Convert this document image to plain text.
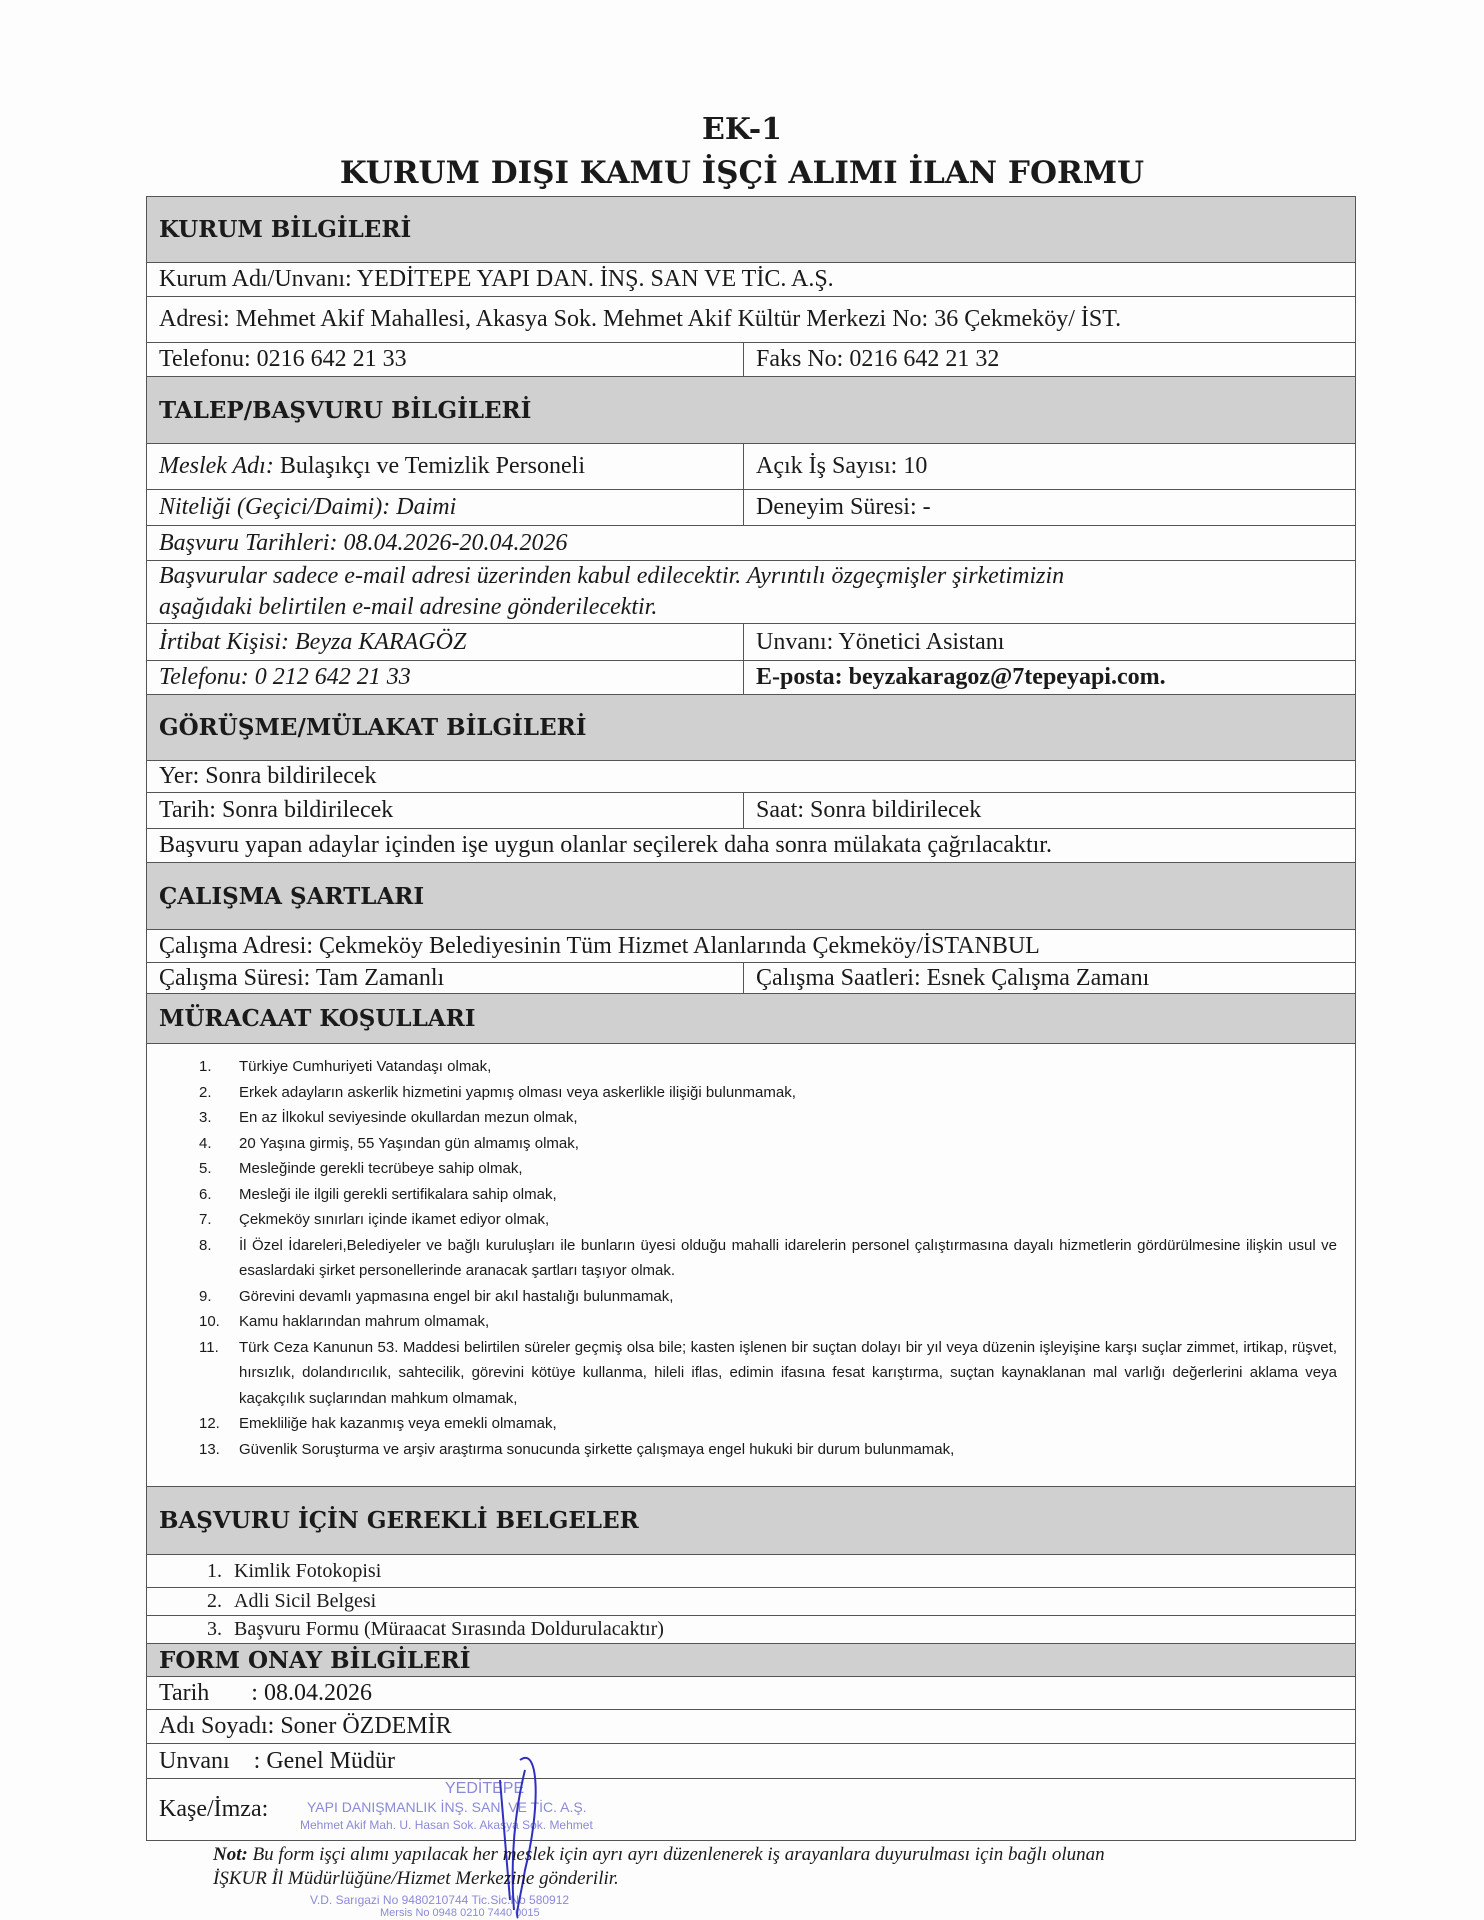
EK-1
KURUM DIŞI KAMU İŞÇİ ALIMI İLAN FORMU
KURUM BİLGİLERİ
Kurum Adı/Unvanı: YEDİTEPE YAPI DAN. İNŞ. SAN VE TİC. A.Ş.
Adresi: Mehmet Akif Mahallesi, Akasya Sok. Mehmet Akif Kültür Merkezi No: 36 Çekmeköy/ İST.
Telefonu: 0216 642 21 33	Faks No: 0216 642 21 32
TALEP/BAŞVURU BİLGİLERİ
Meslek Adı: Bulaşıkçı ve Temizlik Personeli	Açık İş Sayısı: 10
Niteliği (Geçici/Daimi): Daimi	Deneyim Süresi: -
Başvuru Tarihleri: 08.04.2026-20.04.2026
Başvurular sadece e-mail adresi üzerinden kabul edilecektir. Ayrıntılı özgeçmişler şirketimizin
aşağıdaki belirtilen e-mail adresine gönderilecektir.
İrtibat Kişisi: Beyza KARAGÖZ	Unvanı: Yönetici Asistanı
Telefonu: 0 212 642 21 33	E-posta: beyzakaragoz@7tepeyapi.com.
GÖRÜŞME/MÜLAKAT BİLGİLERİ
Yer: Sonra bildirilecek
Tarih: Sonra bildirilecek	Saat: Sonra bildirilecek
Başvuru yapan adaylar içinden işe uygun olanlar seçilerek daha sonra mülakata çağrılacaktır.
ÇALIŞMA ŞARTLARI
Çalışma Adresi: Çekmeköy Belediyesinin Tüm Hizmet Alanlarında Çekmeköy/İSTANBUL
Çalışma Süresi: Tam Zamanlı	Çalışma Saatleri: Esnek Çalışma Zamanı
MÜRACAAT KOŞULLARI
1.	Türkiye Cumhuriyeti Vatandaşı olmak,
2.	Erkek adayların askerlik hizmetini yapmış olması veya askerlikle ilişiği bulunmamak,
3.	En az İlkokul seviyesinde okullardan mezun olmak,
4.	20 Yaşına girmiş, 55 Yaşından gün almamış olmak,
5.	Mesleğinde gerekli tecrübeye sahip olmak,
6.	Mesleği ile ilgili gerekli sertifikalara sahip olmak,
7.	Çekmeköy sınırları içinde ikamet ediyor olmak,
8.	İl Özel İdareleri,Belediyeler ve bağlı kuruluşları ile bunların üyesi olduğu mahalli idarelerin personel çalıştırmasına dayalı hizmetlerin gördürülmesine ilişkin usul ve esaslardaki şirket personellerinde aranacak şartları taşıyor olmak.
9.	Görevini devamlı yapmasına engel bir akıl hastalığı bulunmamak,
10.	Kamu haklarından mahrum olmamak,
11.	Türk Ceza Kanunun 53. Maddesi belirtilen süreler geçmiş olsa bile; kasten işlenen bir suçtan dolayı bir yıl veya düzenin işleyişine karşı suçlar zimmet, irtikap, rüşvet, hırsızlık, dolandırıcılık, sahtecilik, görevini kötüye kullanma, hileli iflas, edimin ifasına fesat karıştırma, suçtan kaynaklanan mal varlığı değerlerini aklama veya kaçakçılık suçlarından mahkum olmamak,
12.	Emekliliğe hak kazanmış veya emekli olmamak,
13.	Güvenlik Soruşturma ve arşiv araştırma sonucunda şirkette çalışmaya engel hukuki bir durum bulunmamak,
BAŞVURU İÇİN GEREKLİ BELGELER
1. Kimlik Fotokopisi
2. Adli Sicil Belgesi
3. Başvuru Formu (Müraacat Sırasında Doldurulacaktır)
FORM ONAY BİLGİLERİ
Tarih       : 08.04.2026
Adı Soyadı: Soner ÖZDEMİR
Unvanı    : Genel Müdür
Kaşe/İmza:
YEDİTEPE
YAPI DANIŞMANLIK İNŞ. SAN. VE TİC. A.Ş.
Mehmet Akif Mah. U. Hasan Sok. Akasya Sok. Mehmet
V.D. Sarıgazi No 9480210744 Tic.Sic.No 580912
Mersis No 0948 0210 7440 0015
Not: Bu form işçi alımı yapılacak her meslek için ayrı ayrı düzenlenerek iş arayanlara duyurulması için bağlı olunan
İŞKUR İl Müdürlüğüne/Hizmet Merkezine gönderilir.
